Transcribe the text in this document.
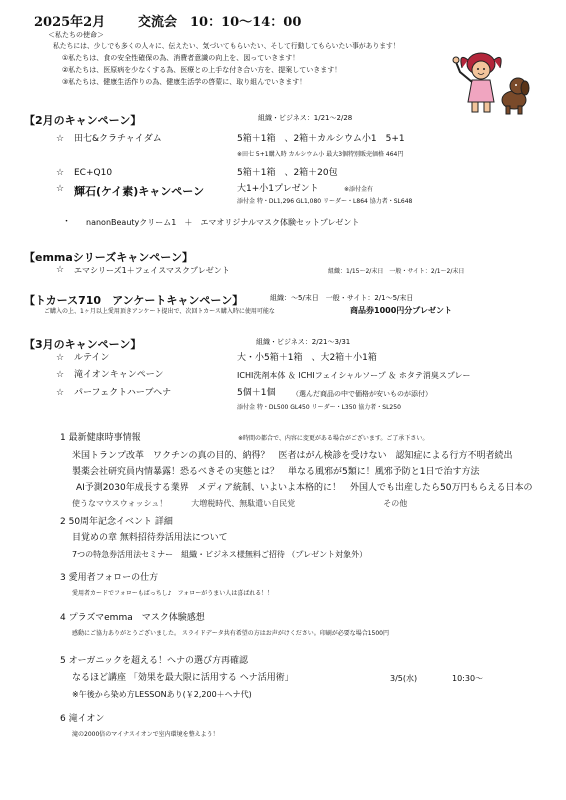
2025年2月	交流会　10：10～14：00
＜私たちの使命＞
私たちには、少しでも多くの人々に、伝えたい、気づいてもらいたい、そして行動してもらいたい事があります！
①私たちは、食の安全性確保の為、消費者意識の向上を、図っていきます！
②私たちは、医原病を少なくする為、医療との上手な付き合い方を、提案していきます！
③私たちは、健康生活作りの為、健康生活学の啓蒙に、取り組んでいきます！
【2月のキャンペーン】	組織・ビジネス：1/21～2/28
☆ 田七&クラチャイダム	5箱＋1箱　、2箱＋カルシウム小1　5+1
※田七 5+1購入時 カルシウム小 最大3個特別販売価格 464円
☆ EC+Q10	5箱＋1箱　、2箱＋20包
☆ 輝石(ケイ素)キャンペーン	大1+小1プレゼント	※添付金有
添付金 特・DL1,296 GL1,080 リーダー・L864 協力者・SL648
・ nanonBeautyクリーム1　＋　エマオリジナルマスク体験セットプレゼント
【emmaシリーズキャンペーン】
☆ エマシリーズ1＋フェイスマスクプレゼント	組織：1/15～2/末日　一般・サイト：2/1～2/末日
【トカース710　アンケートキャンペーン】	組織：～5/末日　一般・サイト：2/1～5/末日
ご購入の上、1ヶ月以上愛用頂きアンケート提出で、次回トカース購入時に使用可能な	商品券1000円分プレゼント
【3月のキャンペーン】	組織・ビジネス：2/21～3/31
☆ ルテイン	大・小5箱＋1箱　、大2箱＋小1箱
☆ 滝イオンキャンペーン	ICHI洗剤本体 ＆ ICHIフェイシャルソープ ＆ ホタテ消臭スプレー
☆ パーフェクトハーブヘナ	5個＋1個 （選んだ商品の中で価格が安いものが添付）
添付金 特・DL500 GL450 リーダー・L350 協力者・SL250
1 最新健康時事情報	※時間の都合で、内容に変更がある場合がございます。ご了承下さい。
米国トランプ改革　ワクチンの真の目的、納得？　医者はがん検診を受けない　認知症による行方不明者続出
製薬会社研究員内情暴露！恐るべきその実態とは？　単なる風邪が5類に！風邪予防と1日で治す方法
AI予測2030年成長する業界　メディア統制、いよいよ本格的に！　外国人でも出産したら50万円もらえる日本の
使うなマウスウォッシュ！　　　大増税時代、無駄遣い自民党　　　　　　　　　　　その他
2 50周年記念イベント 詳細
目覚めの章 無料招待券活用法について
7つの特急券活用法セミナー　組織・ビジネス様無料ご招待 （プレゼント対象外）
3 愛用者フォローの仕方
愛用者カードでフォローもばっちし♪　フォローがうまい人は喜ばれる！！
4 プラズマemma　マスク体験感想
感動にご協力ありがとうございました。 スライドデータ共有希望の方はお声がけください。印刷が必要な場合1500円
5 オーガニックを超える！ヘナの選び方再確認
なるほど講座 「効果を最大限に活用する ヘナ活用術」	3/5(水)	10:30～
※午後から染め方LESSONあり(￥2,200＋ヘナ代)
6 滝イオン
滝の2000倍のマイナスイオンで室内環境を整えよう！
